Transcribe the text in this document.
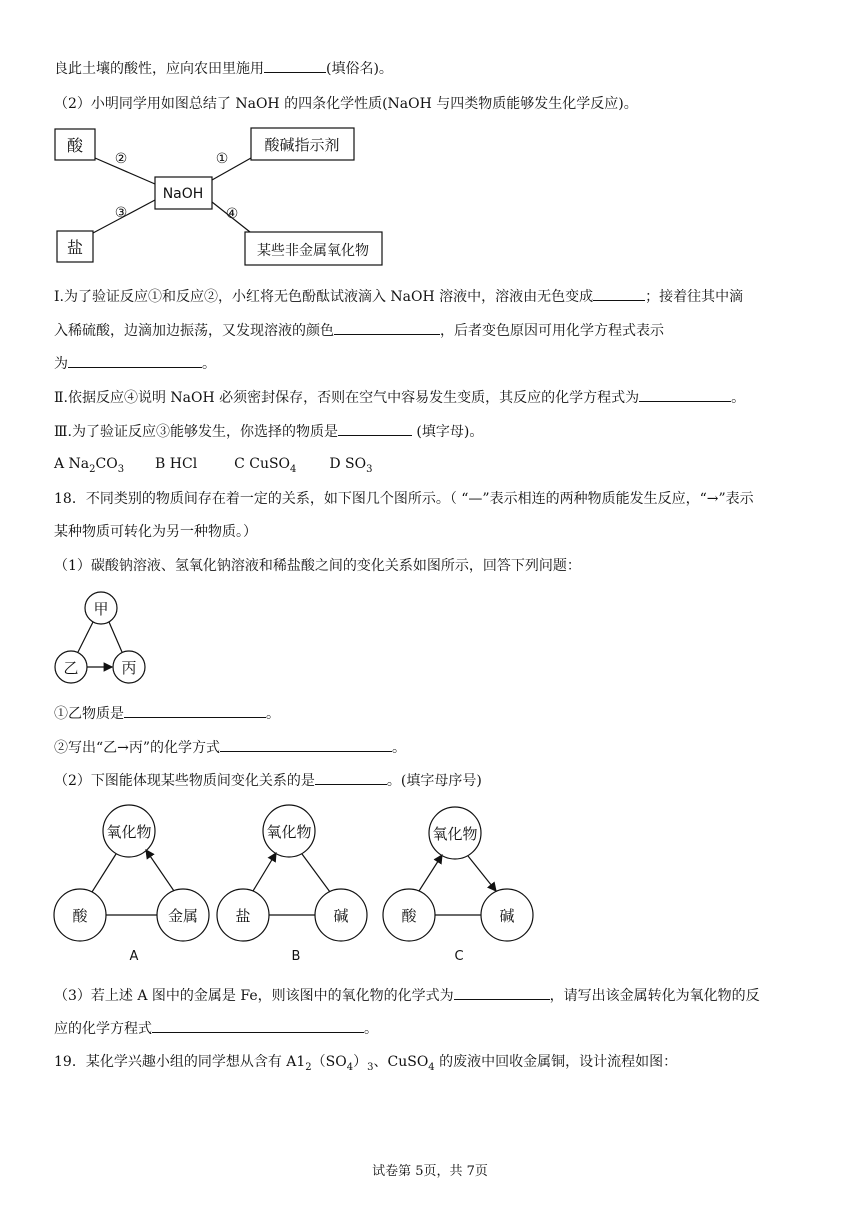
良此土壤的酸性，应向农田里施用	(填俗名)。
（2）小明同学用如图总结了 NaOH 的四条化学性质(NaOH 与四类物质能够发生化学反应)。
酸	酸碱指示剂
NaOH
盐	某些非金属氧化物
②	①
③	④
Ⅰ.为了验证反应①和反应②，小红将无色酚酞试液滴入 NaOH 溶液中，溶液由无色变成	；接着往其中滴
入稀硫酸，边滴加边振荡，又发现溶液的颜色	，后者变色原因可用化学方程式表示
为	。
Ⅱ.依据反应④说明 NaOH 必须密封保存，否则在空气中容易发生变质，其反应的化学方程式为	。
Ⅲ.为了验证反应③能够发生，你选择的物质是	(填字母)。
A $Na_2CO_3$ B HCl	C CuSO$_4$ D $SO_3$
18．不同类别的物质间存在着一定的关系，如下图几个图所示。（ “—”表示相连的两种物质能发生反应，“→”表示
某种物质可转化为另一种物质。）
（1）碳酸钠溶液、氢氧化钠溶液和稀盐酸之间的变化关系如图所示，回答下列问题：
甲
乙	丙
①乙物质是	。
②写出“乙→丙”的化学方式	。
（2）下图能体现某些物质间变化关系的是	。(填字母序号)
氧化物
酸	金属
A
氧化物
盐	碱
B
氧化物
酸	碱
C
（3）若上述 A 图中的金属是 Fe，则该图中的氧化物的化学式为	，请写出该金属转化为氧化物的反
应的化学方程式	。
19．某化学兴趣小组的同学想从含有 $A1_2(SO_4)_3$、CuSO$_4$ 的废液中回收金属铜，设计流程如图：
试卷第 5页，共 7页
